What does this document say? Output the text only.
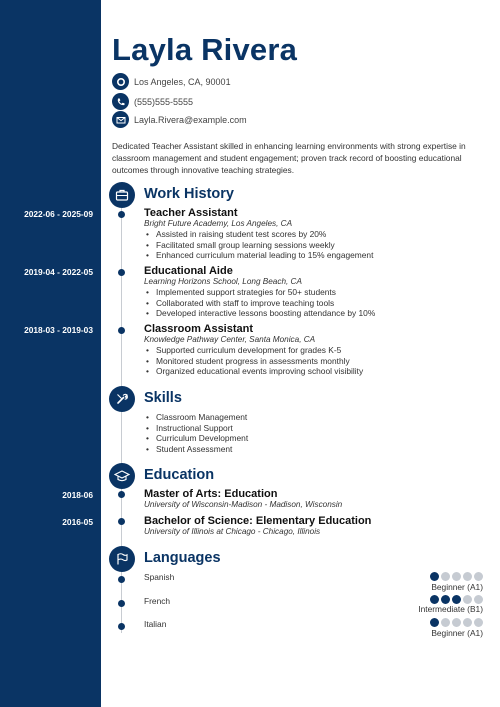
Layla Rivera
Los Angeles, CA, 90001
(555)555-5555
Layla.Rivera@example.com

Dedicated Teacher Assistant skilled in enhancing learning environments with strong expertise in classroom management and student engagement; proven track record of boosting educational outcomes through innovative teaching strategies.

Work History
2022-06 - 2025-09	Teacher Assistant
Bright Future Academy, Los Angeles, CA
• Assisted in raising student test scores by 20%
• Facilitated small group learning sessions weekly
• Enhanced curriculum material leading to 15% engagement
2019-04 - 2022-05	Educational Aide
Learning Horizons School, Long Beach, CA
• Implemented support strategies for 50+ students
• Collaborated with staff to improve teaching tools
• Developed interactive lessons boosting attendance by 10%
2018-03 - 2019-03	Classroom Assistant
Knowledge Pathway Center, Santa Monica, CA
• Supported curriculum development for grades K-5
• Monitored student progress in assessments monthly
• Organized educational events improving school visibility
Skills
• Classroom Management
• Instructional Support
• Curriculum Development
• Student Assessment
Education
2018-06	Master of Arts: Education
University of Wisconsin-Madison - Madison, Wisconsin
2016-05	Bachelor of Science: Elementary Education
University of Illinois at Chicago - Chicago, Illinois
Languages
Spanish
Beginner (A1)
French
Intermediate (B1)
Italian
Beginner (A1)
